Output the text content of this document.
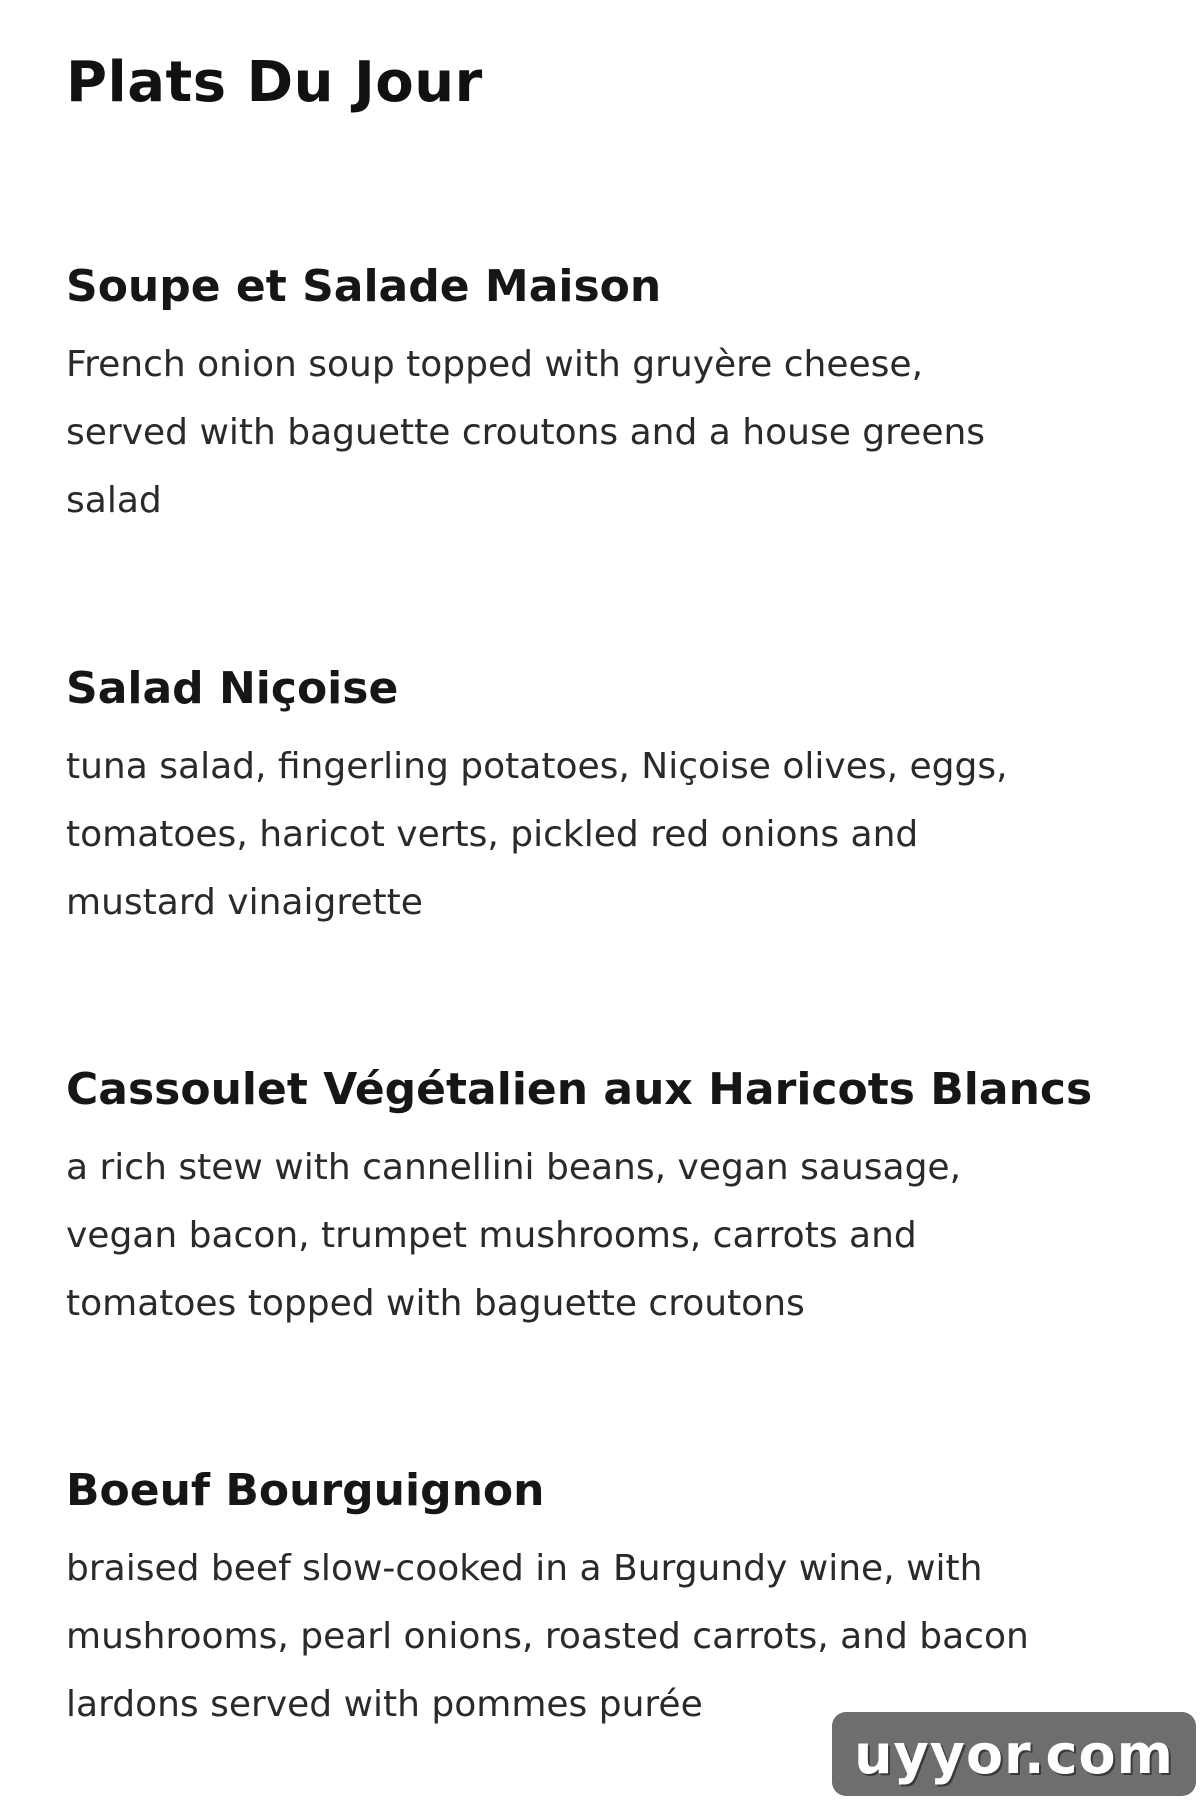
Plats Du Jour
Soupe et Salade Maison

French onion soup topped with gruyère cheese,
served with baguette croutons and a house greens
salad

Salad Niçoise

tuna salad, fingerling potatoes, Niçoise olives, eggs,
tomatoes, haricot verts, pickled red onions and
mustard vinaigrette

Cassoulet Végétalien aux Haricots Blancs

a rich stew with cannellini beans, vegan sausage,
vegan bacon, trumpet mushrooms, carrots and
tomatoes topped with baguette croutons

Boeuf Bourguignon

braised beef slow-cooked in a Burgundy wine, with
mushrooms, pearl onions, roasted carrots, and bacon
lardons served with pommes purée

uyyor.com
